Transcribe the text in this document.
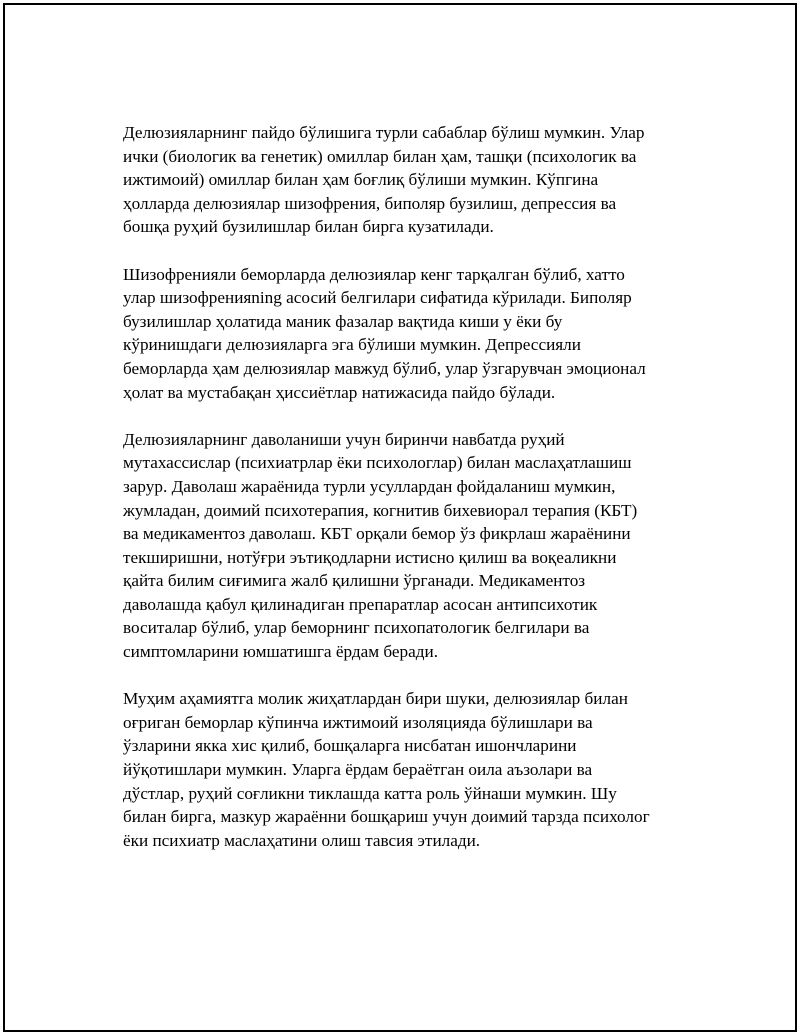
Делюзияларнинг пайдо бўлишига турли сабаблар бўлиш мумкин. Улар
ички (биологик ва генетик) омиллар билан ҳам, ташқи (психологик ва
ижтимоий) омиллар билан ҳам боғлиқ бўлиши мумкин. Кўпгина
ҳолларда делюзиялар шизофрения, биполяр бузилиш, депрессия ва
бошқа руҳий бузилишлар билан бирга кузатилади.

Шизофренияли беморларда делюзиялар кенг тарқалган бўлиб, хатто
улар шизофренияning асосий белгилари сифатида кўрилади. Биполяр
бузилишлар ҳолатида маник фазалар вақтида киши у ёки бу
кўринишдаги делюзияларга эга бўлиши мумкин. Депрессияли
беморларда ҳам делюзиялар мавжуд бўлиб, улар ўзгарувчан эмоционал
ҳолат ва мустабақан ҳиссиётлар натижасида пайдо бўлади.

Делюзияларнинг даволаниши учун биринчи навбатда руҳий
мутахассислар (психиатрлар ёки психологлар) билан маслаҳатлашиш
зарур. Даволаш жараёнида турли усуллардан фойдаланиш мумкин,
жумладан, доимий психотерапия, когнитив бихевиорал терапия (КБТ)
ва медикаментоз даволаш. КБТ орқали бемор ўз фикрлаш жараёнини
текширишни, нотўғри эътиқодларни истисно қилиш ва воқеаликни
қайта билим сиғимига жалб қилишни ўрганади. Медикаментоз
даволашда қабул қилинадиган препаратлар асосан антипсихотик
воситалар бўлиб, улар беморнинг психопатологик белгилари ва
симптомларини юмшатишга ёрдам беради.

Муҳим аҳамиятга молик жиҳатлардан бири шуки, делюзиялар билан
оғриган беморлар кўпинча ижтимоий изоляцияда бўлишлари ва
ўзларини якка хис қилиб, бошқаларга нисбатан ишончларини
йўқотишлари мумкин. Уларга ёрдам бераётган оила аъзолари ва
дўстлар, руҳий соғликни тиклашда катта роль ўйнаши мумкин. Шу
билан бирга, мазкур жараённи бошқариш учун доимий тарзда психолог
ёки психиатр маслаҳатини олиш тавсия этилади.
